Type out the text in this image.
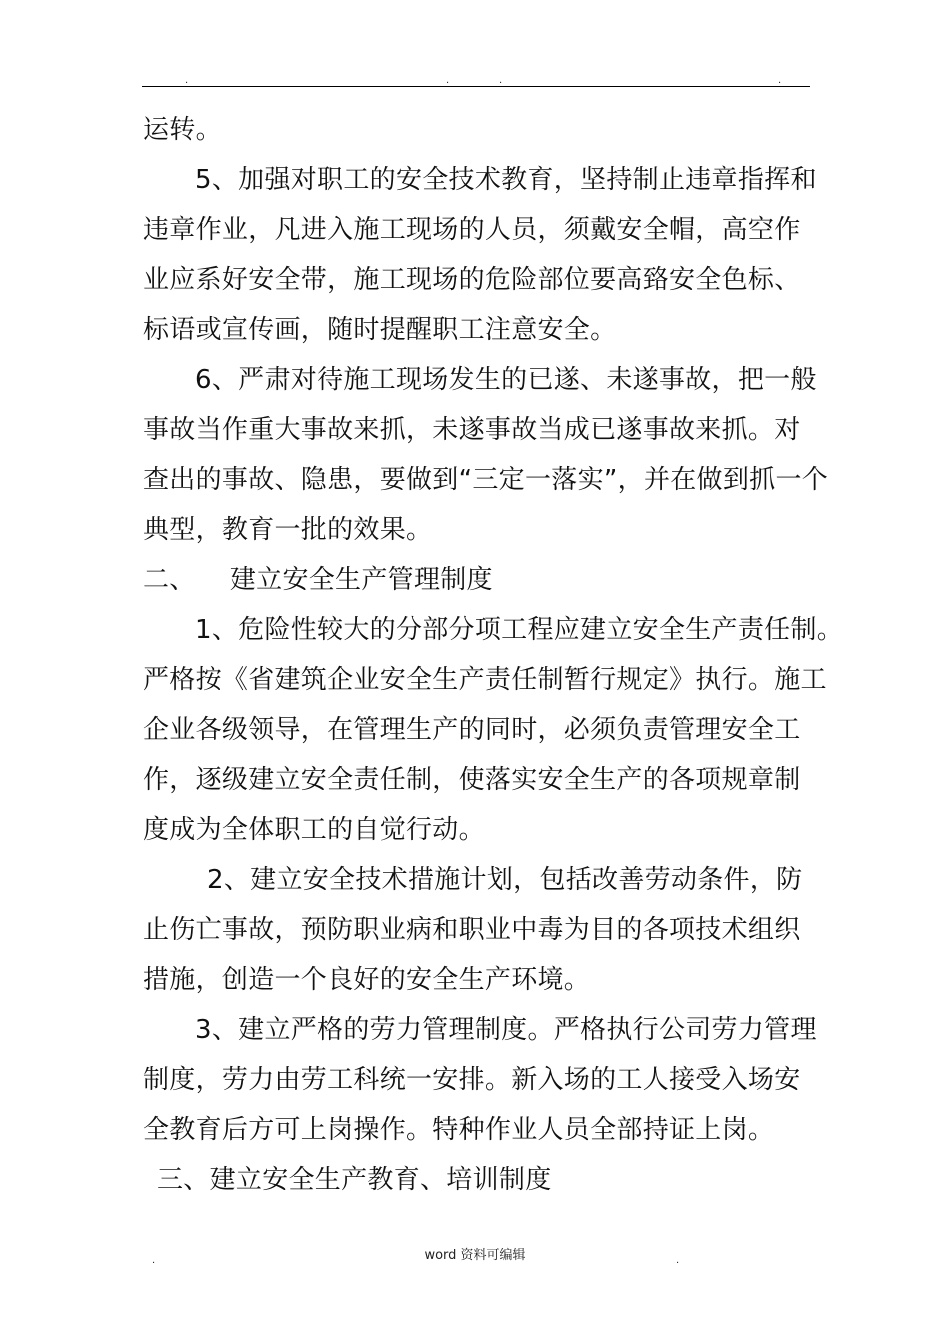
.	.	.	.
运转。
5、加强对职工的安全技术教育，坚持制止违章指挥和
违章作业，凡进入施工现场的人员，须戴安全帽，高空作
业应系好安全带，施工现场的危险部位要高臵安全色标、
标语或宣传画，随时提醒职工注意安全。
6、严肃对待施工现场发生的已遂、未遂事故，把一般
事故当作重大事故来抓，未遂事故当成已遂事故来抓。对
查出的事故、隐患，要做到“三定一落实”，并在做到抓一个
典型，教育一批的效果。
二、    建立安全生产管理制度
1、危险性较大的分部分项工程应建立安全生产责任制。
严格按《省建筑企业安全生产责任制暂行规定》执行。施工
企业各级领导，在管理生产的同时，必须负责管理安全工
作，逐级建立安全责任制，使落实安全生产的各项规章制
度成为全体职工的自觉行动。
2、建立安全技术措施计划，包括改善劳动条件，防
止伤亡事故，预防职业病和职业中毒为目的各项技术组织
措施，创造一个良好的安全生产环境。
3、建立严格的劳力管理制度。严格执行公司劳力管理
制度，劳力由劳工科统一安排。新入场的工人接受入场安
全教育后方可上岗操作。特种作业人员全部持证上岗。
三、建立安全生产教育、培训制度
.	word 资料可编辑	.
